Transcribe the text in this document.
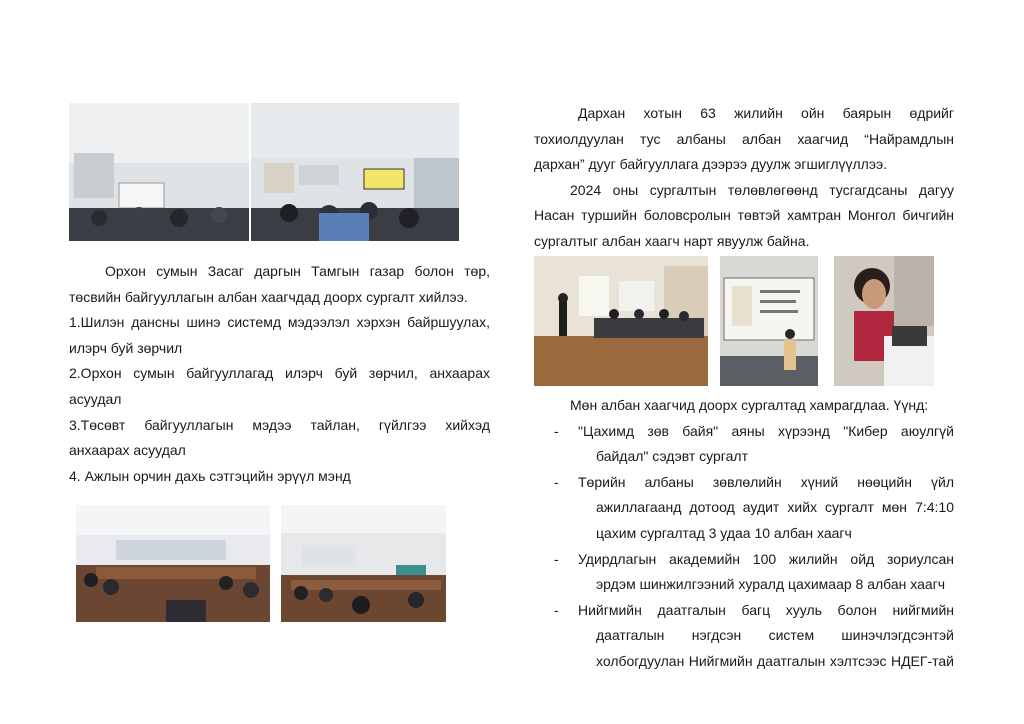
Орхон сумын Засаг даргын Тамгын газар болон төр, төсвийн байгууллагын албан хаагчдад доорх сургалт хийлээ.
1.Шилэн дансны шинэ системд мэдээлэл хэрхэн байршуулах,
илэрч буй зөрчил
2.Орхон сумын байгууллагад илэрч буй зөрчил, анхаарах
асуудал
3.Төсөвт байгууллагын мэдээ тайлан, гүйлгээ хийхэд
анхаарах асуудал
4. Ажлын орчин дахь сэтгэцийн эрүүл мэнд
Дархан хотын 63 жилийн ойн баярын өдрийг
тохиолдуулан тус албаны албан хаагчид “Найрамдлын
дархан” дууг байгууллага дээрээ дуулж эгшиглүүллээ.
2024 оны сургалтын төлөвлөгөөнд тусгагдсаны дагуу
Насан туршийн боловсролын төвтэй хамтран Монгол бичгийн
сургалтыг албан хаагч нарт явуулж байна.
Мөн албан хаагчид доорх сургалтад хамрагдлаа. Үүнд:
- "Цахимд зөв байя" аяны хүрээнд "Кибер аюулгүй
байдал" сэдэвт сургалт
- Төрийн албаны зөвлөлийн хүний нөөцийн үйл
ажиллагаанд дотоод аудит хийх сургалт мөн 7:4:10
цахим сургалтад 3 удаа 10 албан хаагч
- Удирдлагын академийн 100 жилийн ойд зориулсан
эрдэм шинжилгээний хуралд цахимаар 8 албан хаагч
- Нийгмийн даатгалын багц хууль болон нийгмийн
даатгалын нэгдсэн систем шинэчлэгдсэнтэй
холбогдуулан Нийгмийн даатгалын хэлтсээс НДЕГ-тай
